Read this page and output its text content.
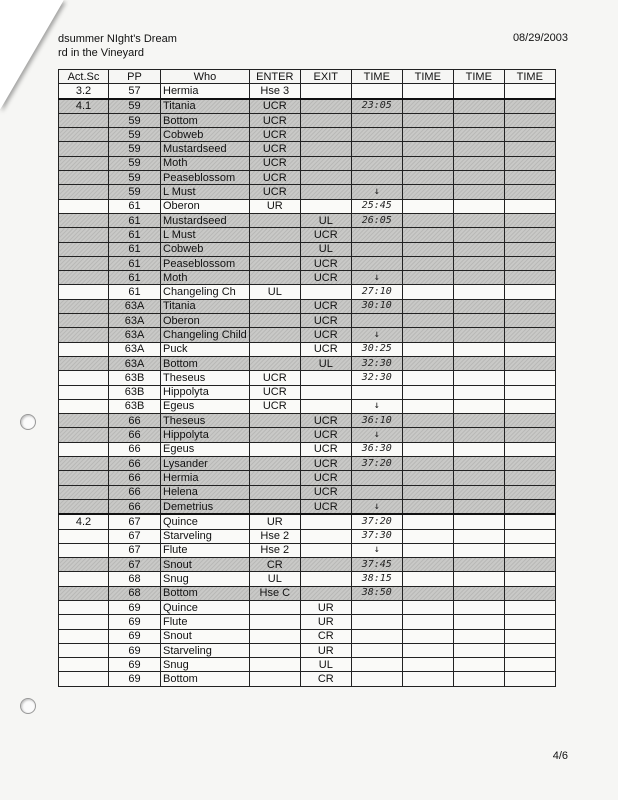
dsummer NIght's Dream
rd in the Vineyard
08/29/2003
Act.Sc	PP	Who	ENTER	EXIT	TIME	TIME	TIME	TIME
3.2	57	Hermia	Hse 3					
4.1	59	Titania	UCR		23:05			
	59	Bottom	UCR					
	59	Cobweb	UCR					
	59	Mustardseed	UCR					
	59	Moth	UCR					
	59	Peaseblossom	UCR					
	59	L Must	UCR		↓			
	61	Oberon	UR		25:45			
	61	Mustardseed		UL	26:05			
	61	L Must		UCR				
	61	Cobweb		UL				
	61	Peaseblossom		UCR				
	61	Moth		UCR	↓			
	61	Changeling Ch	UL		27:10			
	63A	Titania		UCR	30:10			
	63A	Oberon		UCR				
	63A	Changeling Child		UCR	↓			
	63A	Puck		UCR	30:25			
	63A	Bottom		UL	32:30			
	63B	Theseus	UCR		32:30			
	63B	Hippolyta	UCR					
	63B	Egeus	UCR		↓			
	66	Theseus		UCR	36:10			
	66	Hippolyta		UCR	↓			
	66	Egeus		UCR	36:30			
	66	Lysander		UCR	37:20			
	66	Hermia		UCR				
	66	Helena		UCR				
	66	Demetrius		UCR	↓			
4.2	67	Quince	UR		37:20			
	67	Starveling	Hse 2		37:30			
	67	Flute	Hse 2		↓			
	67	Snout	CR		37:45			
	68	Snug	UL		38:15			
	68	Bottom	Hse C		38:50			
	69	Quince		UR				
	69	Flute		UR				
	69	Snout		CR				
	69	Starveling		UR				
	69	Snug		UL				
	69	Bottom		CR				
4/6
